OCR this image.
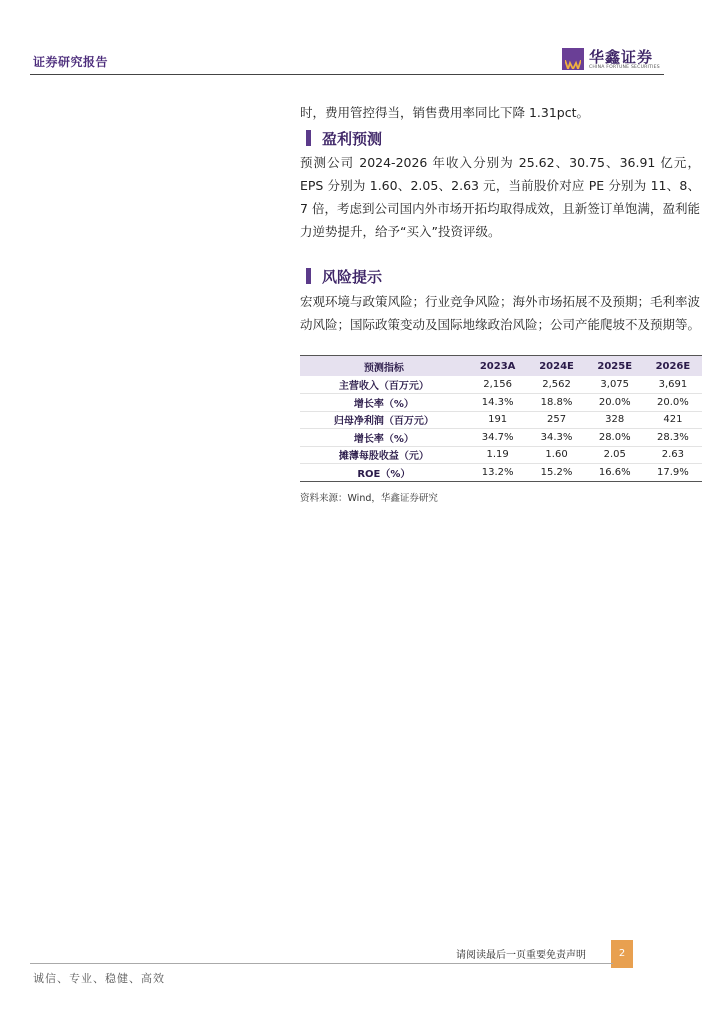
证券研究报告	华鑫证券
CHINA FORTUNE SECURITIES

时，费用管控得当，销售费用率同比下降 1.31pct。

盈利预测

预测公司 2024-2026 年收入分别为 25.62、30.75、36.91 亿元，EPS 分别为 1.60、2.05、2.63 元，当前股价对应 PE 分别为 11、8、7 倍，考虑到公司国内外市场开拓均取得成效，且新签订单饱满，盈利能力逆势提升，给予“买入”投资评级。

风险提示

宏观环境与政策风险；行业竞争风险；海外市场拓展不及预期；毛利率波动风险；国际政策变动及国际地缘政治风险；公司产能爬坡不及预期等。

预测指标	2023A	2024E	2025E	2026E
主营收入（百万元）	2,156	2,562	3,075	3,691
增长率（%）	14.3%	18.8%	20.0%	20.0%
归母净利润（百万元）	191	257	328	421
增长率（%）	34.7%	34.3%	28.0%	28.3%
摊薄每股收益（元）	1.19	1.60	2.05	2.63
ROE（%）	13.2%	15.2%	16.6%	17.9%
资料来源：Wind，华鑫证券研究
请阅读最后一页重要免责声明	2
诚信、专业、稳健、高效
